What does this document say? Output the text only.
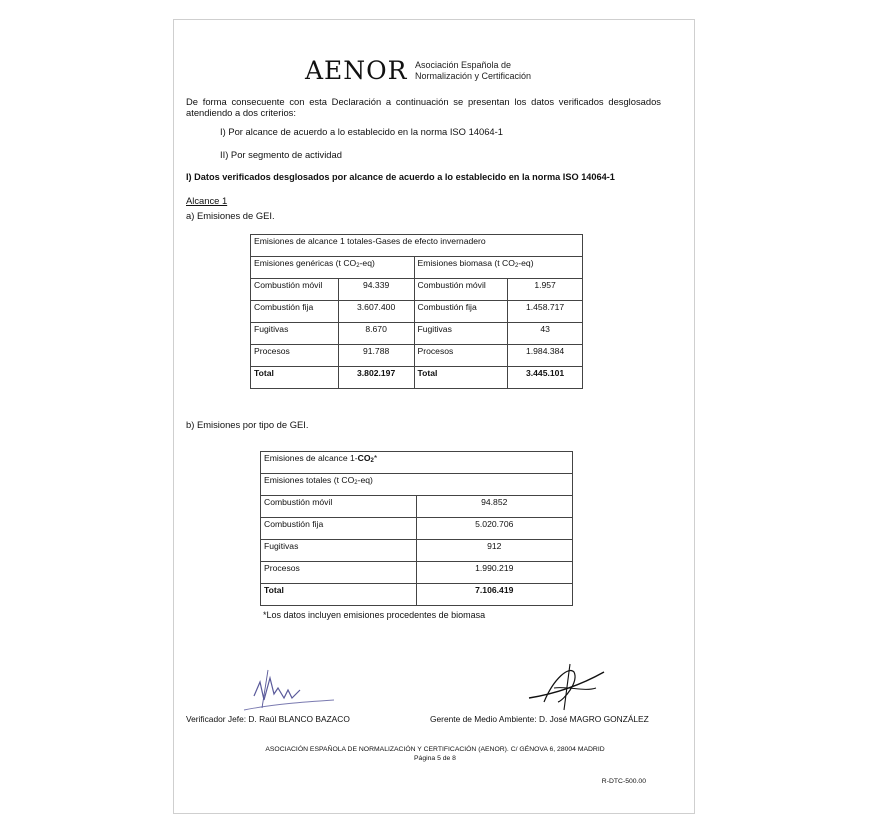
AENOR Asociación Española de
Normalización y Certificación
De forma consecuente con esta Declaración a continuación se presentan los datos verificados desglosados atendiendo a dos criterios:
I) Por alcance de acuerdo a lo establecido en la norma ISO 14064-1
II) Por segmento de actividad
I) Datos verificados desglosados por alcance de acuerdo a lo establecido en la norma ISO 14064-1
Alcance 1
a) Emisiones de GEI.
Emisiones de alcance 1 totales-Gases de efecto invernadero			
Emisiones genéricas (t $CO_2-eq$)		Emisiones biomasa (t $CO_2-eq$)	
Combustión móvil	94.339	Combustión móvil	1.957
Combustión fija	3.607.400	Combustión fija	1.458.717
Fugitivas	8.670	Fugitivas	43
Procesos	91.788	Procesos	1.984.384
Total	3.802.197	Total	3.445.101
b) Emisiones por tipo de GEI.
Emisiones de alcance $1-CO_2*$	
Emisiones totales (t $CO_2-eq$)	
Combustión móvil	94.852
Combustión fija	5.020.706
Fugitivas	912
Procesos	1.990.219
Total	7.106.419
*Los datos incluyen emisiones procedentes de biomasa
Verificador Jefe: D. Raúl BLANCO BAZACO	Gerente de Medio Ambiente: D. José MAGRO GONZÁLEZ
ASOCIACIÓN ESPAÑOLA DE NORMALIZACIÓN Y CERTIFICACIÓN (AENOR). C/ GÉNOVA 6, 28004 MADRID
Página 5 de 8
R-DTC-500.00
